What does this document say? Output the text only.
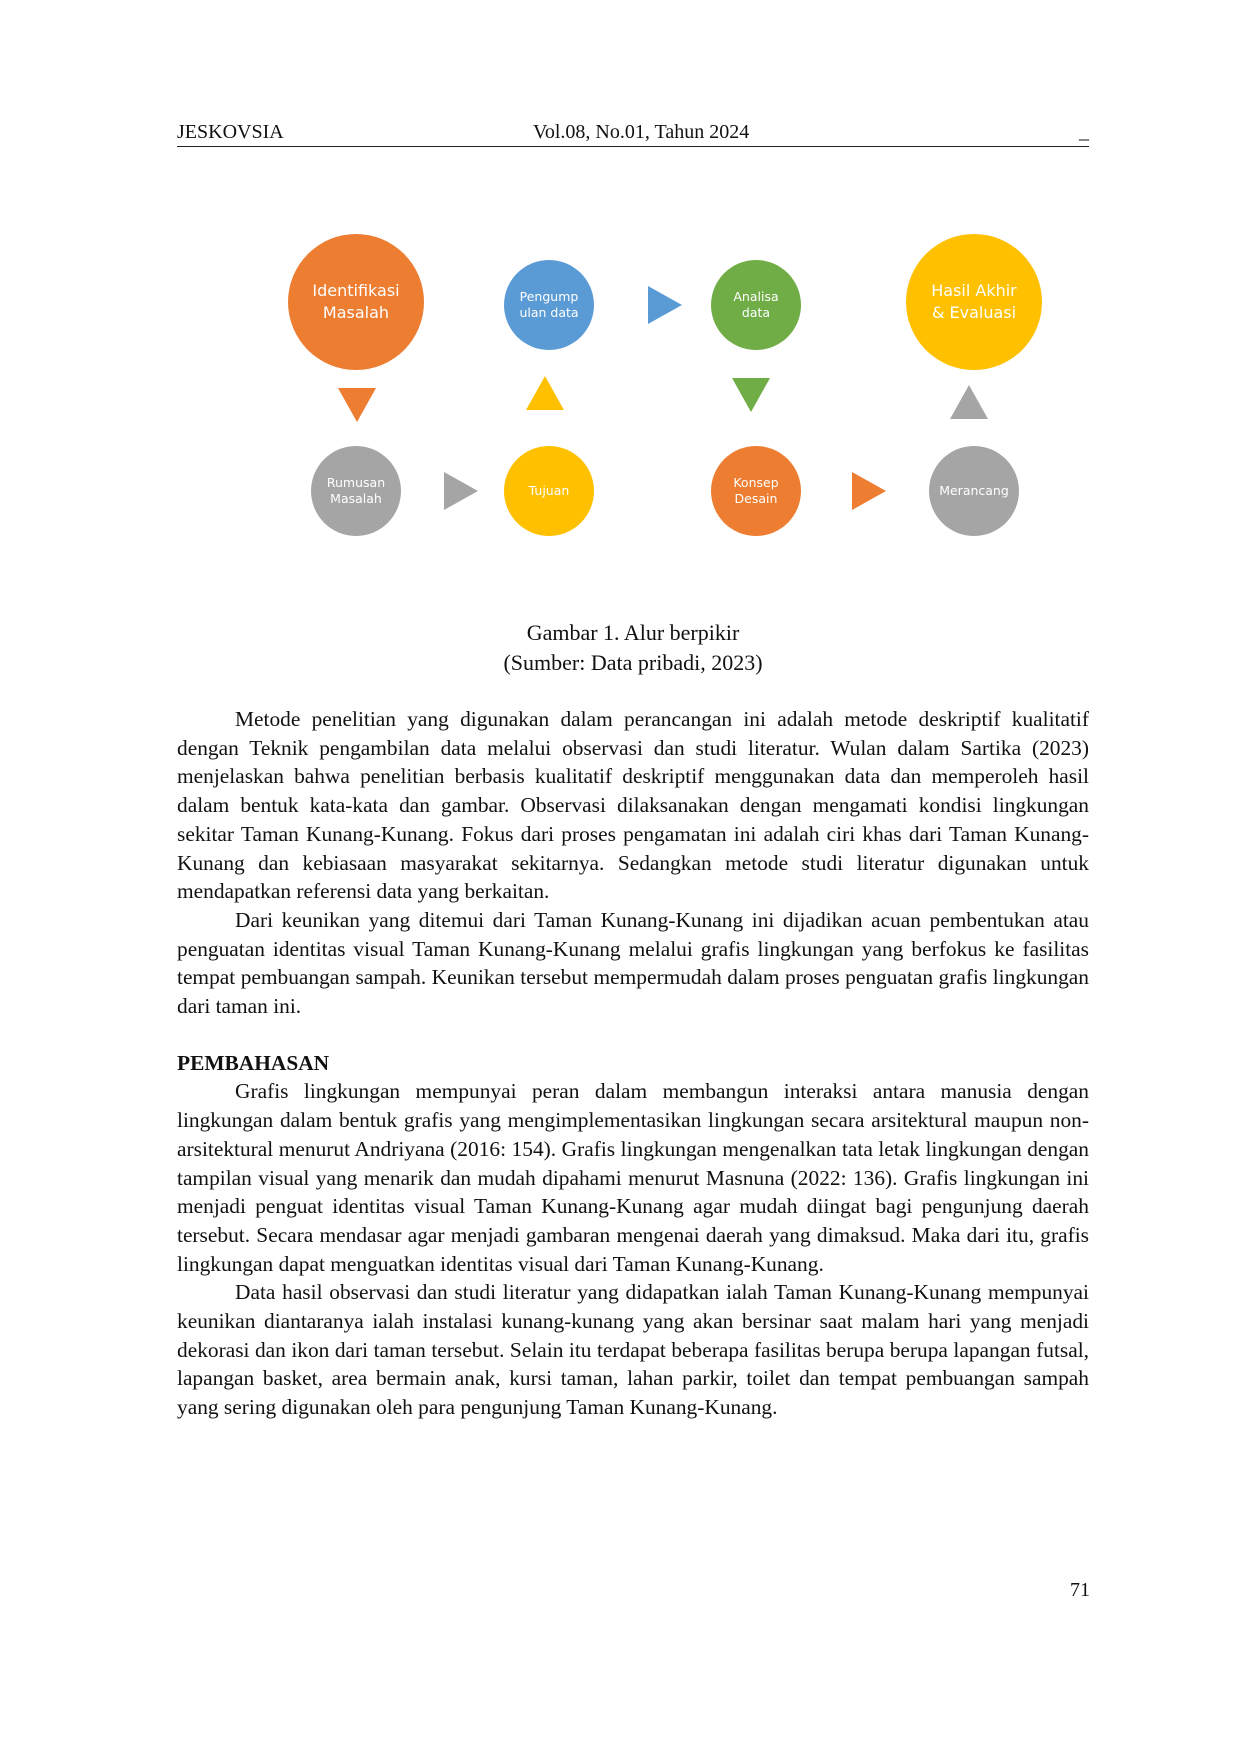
JESKOVSIA	Vol.08, No.01, Tahun 2024	_
Identifikasi
Masalah
Pengump
ulan data
Analisa
data
Hasil Akhir
& Evaluasi
Rumusan
Masalah
Tujuan
Konsep
Desain
Merancang
Gambar 1. Alur berpikir
(Sumber: Data pribadi, 2023)

Metode penelitian yang digunakan dalam perancangan ini adalah metode deskriptif kualitatif dengan Teknik pengambilan data melalui observasi dan studi literatur. Wulan dalam Sartika (2023) menjelaskan bahwa penelitian berbasis kualitatif deskriptif menggunakan data dan memperoleh hasil dalam bentuk kata-kata dan gambar. Observasi dilaksanakan dengan mengamati kondisi lingkungan sekitar Taman Kunang-Kunang. Fokus dari proses pengamatan ini adalah ciri khas dari Taman Kunang-Kunang dan kebiasaan masyarakat sekitarnya. Sedangkan metode studi literatur digunakan untuk mendapatkan referensi data yang berkaitan.

Dari keunikan yang ditemui dari Taman Kunang-Kunang ini dijadikan acuan pembentukan atau penguatan identitas visual Taman Kunang-Kunang melalui grafis lingkungan yang berfokus ke fasilitas tempat pembuangan sampah. Keunikan tersebut mempermudah dalam proses penguatan grafis lingkungan dari taman ini.

PEMBAHASAN

Grafis lingkungan mempunyai peran dalam membangun interaksi antara manusia dengan lingkungan dalam bentuk grafis yang mengimplementasikan lingkungan secara arsitektural maupun non-arsitektural menurut Andriyana (2016: 154). Grafis lingkungan mengenalkan tata letak lingkungan dengan tampilan visual yang menarik dan mudah dipahami menurut Masnuna (2022: 136). Grafis lingkungan ini menjadi penguat identitas visual Taman Kunang-Kunang agar mudah diingat bagi pengunjung daerah tersebut. Secara mendasar agar menjadi gambaran mengenai daerah yang dimaksud. Maka dari itu, grafis lingkungan dapat menguatkan identitas visual dari Taman Kunang-Kunang.

Data hasil observasi dan studi literatur yang didapatkan ialah Taman Kunang-Kunang mempunyai keunikan diantaranya ialah instalasi kunang-kunang yang akan bersinar saat malam hari yang menjadi dekorasi dan ikon dari taman tersebut. Selain itu terdapat beberapa fasilitas berupa berupa lapangan futsal, lapangan basket, area bermain anak, kursi taman, lahan parkir, toilet dan tempat pembuangan sampah yang sering digunakan oleh para pengunjung Taman Kunang-Kunang.

71
